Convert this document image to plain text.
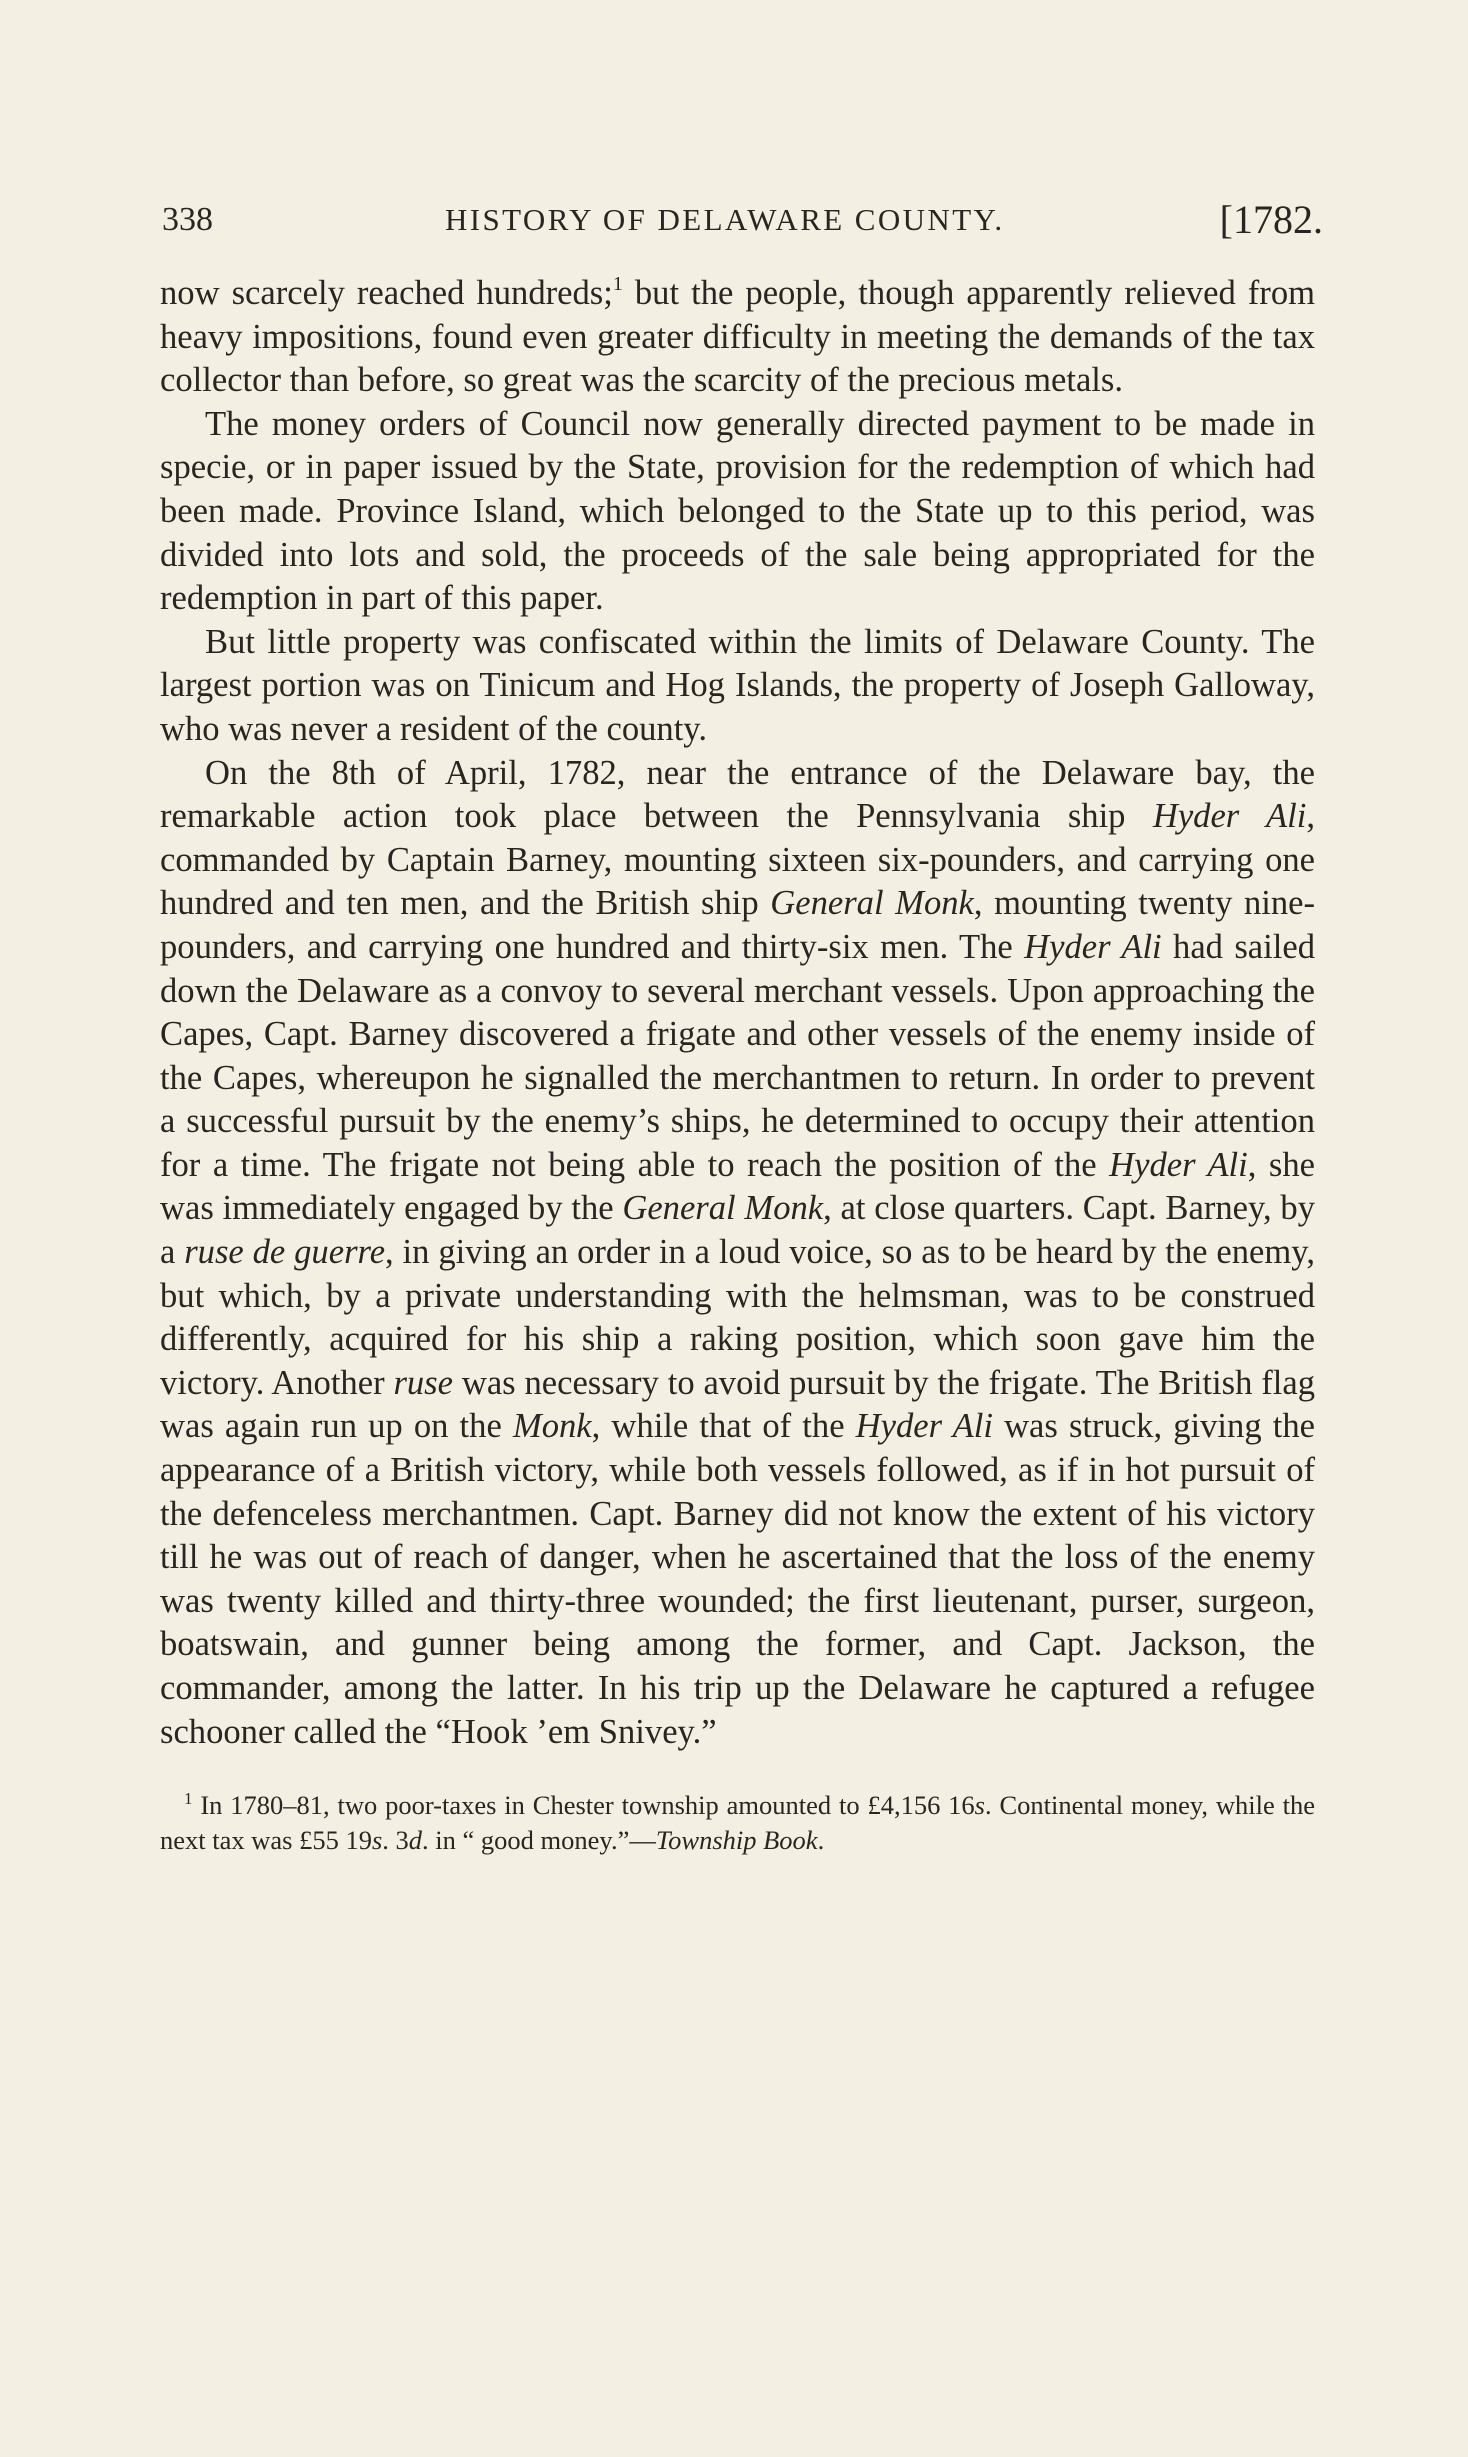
338	HISTORY OF DELAWARE COUNTY.	[1782.

now scarcely reached hundreds;$^1$ but the people, though apparently relieved from heavy impositions, found even greater difficulty in meeting the demands of the tax collector than before, so great was the scarcity of the precious metals.

The money orders of Council now generally directed payment to be made in specie, or in paper issued by the State, provision for the redemption of which had been made. Province Island, which belonged to the State up to this period, was divided into lots and sold, the proceeds of the sale being appropriated for the redemption in part of this paper.

But little property was confiscated within the limits of Delaware County. The largest portion was on Tinicum and Hog Islands, the property of Joseph Galloway, who was never a resident of the county.

On the 8th of April, 1782, near the entrance of the Delaware bay, the remarkable action took place between the Pennsylvania ship Hyder Ali, commanded by Captain Barney, mounting sixteen six-pounders, and carrying one hundred and ten men, and the British ship General Monk, mounting twenty nine-pounders, and carrying one hundred and thirty-six men. The Hyder Ali had sailed down the Delaware as a convoy to several merchant vessels. Upon approaching the Capes, Capt. Barney discovered a frigate and other vessels of the enemy inside of the Capes, whereupon he signalled the merchantmen to return. In order to prevent a successful pursuit by the enemy’s ships, he determined to occupy their attention for a time. The frigate not being able to reach the position of the Hyder Ali, she was immediately engaged by the General Monk, at close quarters. Capt. Barney, by a ruse de guerre, in giving an order in a loud voice, so as to be heard by the enemy, but which, by a private understanding with the helmsman, was to be construed differently, acquired for his ship a raking position, which soon gave him the victory. Another ruse was necessary to avoid pursuit by the frigate. The British flag was again run up on the Monk, while that of the Hyder Ali was struck, giving the appearance of a British victory, while both vessels followed, as if in hot pursuit of the defenceless merchantmen. Capt. Barney did not know the extent of his victory till he was out of reach of danger, when he ascertained that the loss of the enemy was twenty killed and thirty-three wounded; the first lieutenant, purser, surgeon, boatswain, and gunner being among the former, and Capt. Jackson, the commander, among the latter. In his trip up the Delaware he captured a refugee schooner called the “Hook ’em Snivey.”

$^1$ In 1780–81, two poor-taxes in Chester township amounted to £4,156 16s. Continental money, while the next tax was £55 19s. 3d. in “ good money.”—Township Book.
